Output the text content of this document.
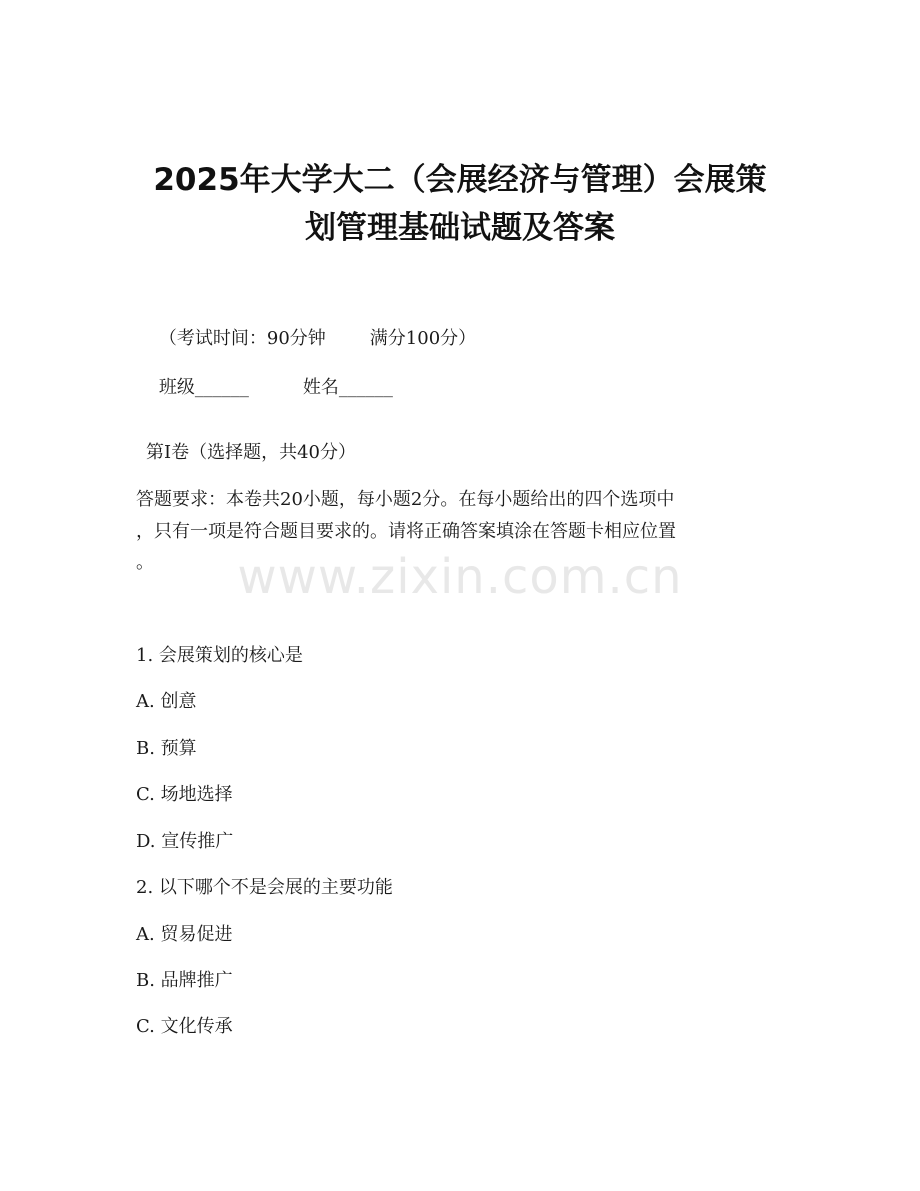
2025年大学大二（会展经济与管理）会展策
划管理基础试题及答案

（考试时间：90分钟 满分100分）

班级______	姓名______

第Ⅰ卷（选择题，共40分）
答题要求：本卷共20小题，每小题2分。在每小题给出的四个选项中
，只有一项是符合题目要求的。请将正确答案填涂在答题卡相应位置
。	www.zixin.com.cn
1. 会展策划的核心是
A. 创意
B. 预算
C. 场地选择
D. 宣传推广
2. 以下哪个不是会展的主要功能
A. 贸易促进
B. 品牌推广
C. 文化传承
